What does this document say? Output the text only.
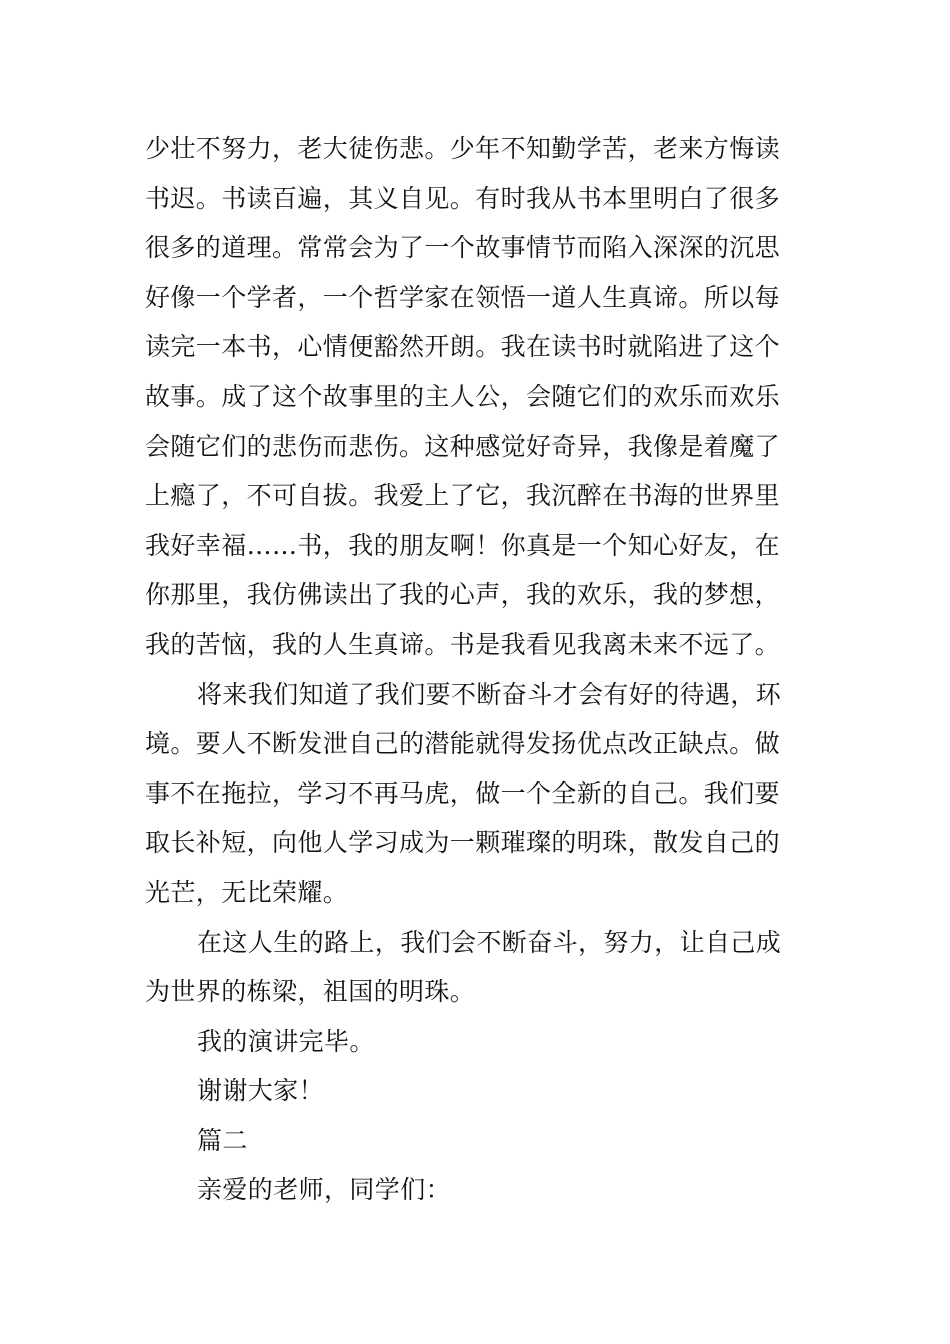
少壮不努力，老大徒伤悲。少年不知勤学苦，老来方悔读
书迟。书读百遍，其义自见。有时我从书本里明白了很多
很多的道理。常常会为了一个故事情节而陷入深深的沉思
好像一个学者，一个哲学家在领悟一道人生真谛。所以每
读完一本书，心情便豁然开朗。我在读书时就陷进了这个
故事。成了这个故事里的主人公，会随它们的欢乐而欢乐
会随它们的悲伤而悲伤。这种感觉好奇异，我像是着魔了
上瘾了，不可自拔。我爱上了它，我沉醉在书海的世界里
我好幸福……书，我的朋友啊！你真是一个知心好友，在
你那里，我仿佛读出了我的心声，我的欢乐，我的梦想，
我的苦恼，我的人生真谛。书是我看见我离未来不远了。
将来我们知道了我们要不断奋斗才会有好的待遇，环
境。要人不断发泄自己的潜能就得发扬优点改正缺点。做
事不在拖拉，学习不再马虎，做一个全新的自己。我们要
取长补短，向他人学习成为一颗璀璨的明珠，散发自己的
光芒，无比荣耀。
在这人生的路上，我们会不断奋斗，努力，让自己成
为世界的栋梁，祖国的明珠。
我的演讲完毕。
谢谢大家！
篇二
亲爱的老师，同学们：
